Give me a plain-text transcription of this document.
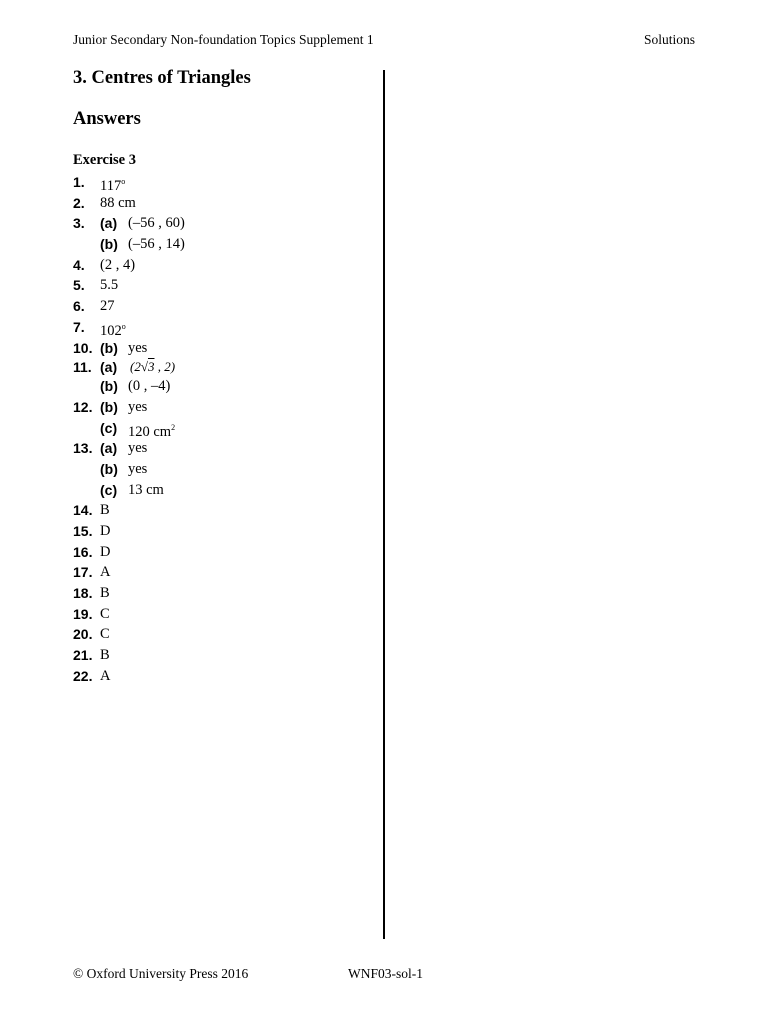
Junior Secondary Non-foundation Topics Supplement 1	Solutions
3. Centres of Triangles
Answers
Exercise 3
1. 117$^o$
2. 88 cm
3. (a) (–56 , 60)
(b) (–56 , 14)
4. (2 , 4)
5. 5.5
6. 27
7. 102$^o$
10. (b) yes
11. (a) (2√3 , 2)
(b) (0 , –4)
12. (b) yes
(c) 120 $cm^2$
13. (a) yes
(b) yes
(c) 13 cm
14. B
15. D
16. D
17. A
18. B
19. C
20. C
21. B
22. A
© Oxford University Press 2016	WNF03-sol-1
